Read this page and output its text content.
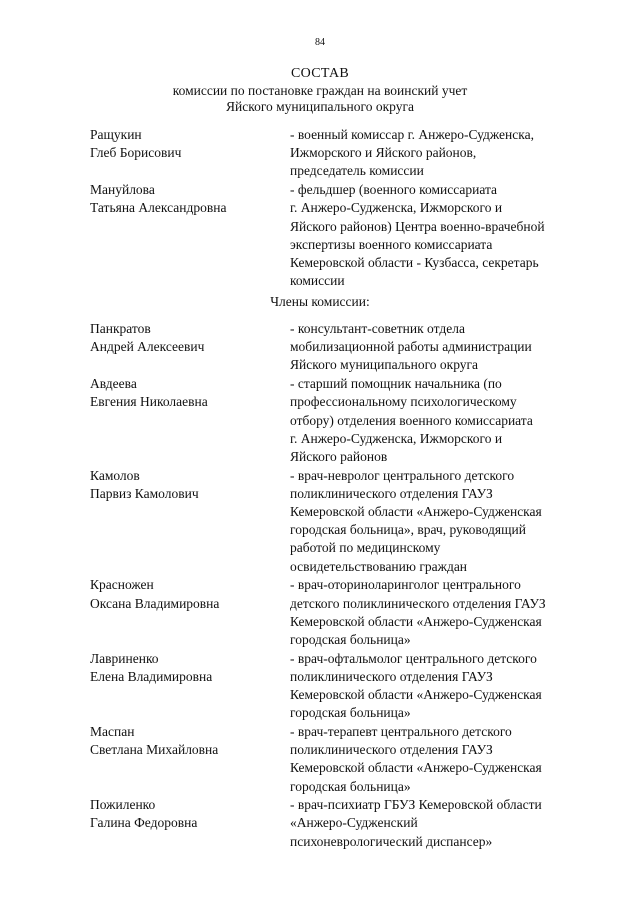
84
СОСТАВ
комиссии по постановке граждан на воинский учет
Яйского муниципального округа
Ращукин
Глеб Борисович
- военный комиссар г. Анжеро-Судженска,
Ижморского и Яйского районов,
председатель комиссии
Мануйлова
Татьяна Александровна
- фельдшер (военного комиссариата
г. Анжеро-Судженска, Ижморского и
Яйского районов) Центра военно-врачебной
экспертизы военного комиссариата
Кемеровской области - Кузбасса, секретарь
комиссии
Члены комиссии:
Панкратов
Андрей Алексеевич
- консультант-советник отдела
мобилизационной работы администрации
Яйского муниципального округа
Авдеева
Евгения Николаевна
- старший помощник начальника (по
профессиональному психологическому
отбору) отделения военного комиссариата
г. Анжеро-Судженска, Ижморского и
Яйского районов
Камолов
Парвиз Камолович
- врач-невролог центрального детского
поликлинического отделения ГАУЗ
Кемеровской области «Анжеро-Судженская
городская больница», врач, руководящий
работой по медицинскому
освидетельствованию граждан
Красножен
Оксана Владимировна
- врач-оториноларинголог центрального
детского поликлинического отделения ГАУЗ
Кемеровской области «Анжеро-Судженская
городская больница»
Лавриненко
Елена Владимировна
- врач-офтальмолог центрального детского
поликлинического отделения ГАУЗ
Кемеровской области «Анжеро-Судженская
городская больница»
Маспан
Светлана Михайловна
- врач-терапевт центрального детского
поликлинического отделения ГАУЗ
Кемеровской области «Анжеро-Судженская
городская больница»
Пожиленко
Галина Федоровна
- врач-психиатр ГБУЗ Кемеровской области
«Анжеро-Судженский
психоневрологический диспансер»
